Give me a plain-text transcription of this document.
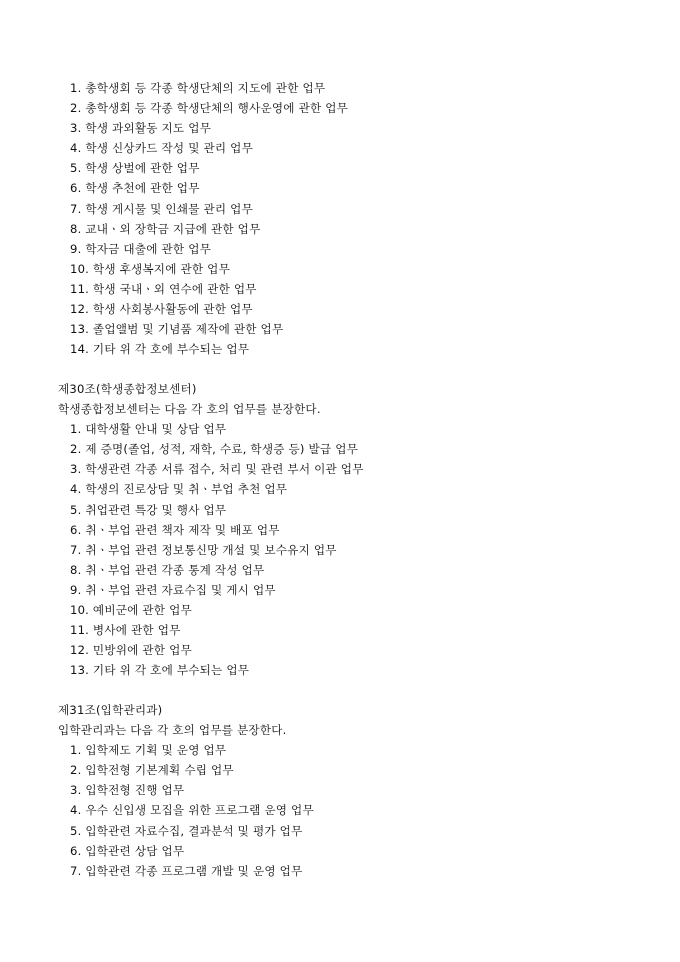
1. 총학생회 등 각종 학생단체의 지도에 관한 업무
2. 총학생회 등 각종 학생단체의 행사운영에 관한 업무
3. 학생 과외활동 지도 업무
4. 학생 신상카드 작성 및 관리 업무
5. 학생 상벌에 관한 업무
6. 학생 추천에 관한 업무
7. 학생 게시물 및 인쇄물 관리 업무
8. 교내ㆍ외 장학금 지급에 관한 업무
9. 학자금 대출에 관한 업무
10. 학생 후생복지에 관한 업무
11. 학생 국내ㆍ외 연수에 관한 업무
12. 학생 사회봉사활동에 관한 업무
13. 졸업앨범 및 기념품 제작에 관한 업무
14. 기타 위 각 호에 부수되는 업무
제30조(학생종합정보센터)
학생종합정보센터는 다음 각 호의 업무를 분장한다.
1. 대학생활 안내 및 상담 업무
2. 제 증명(졸업, 성적, 재학, 수료, 학생증 등) 발급 업무
3. 학생관련 각종 서류 접수, 처리 및 관련 부서 이관 업무
4. 학생의 진로상담 및 취ㆍ부업 추천 업무
5. 취업관련 특강 및 행사 업무
6. 취ㆍ부업 관련 책자 제작 및 배포 업무
7. 취ㆍ부업 관련 정보통신망 개설 및 보수유지 업무
8. 취ㆍ부업 관련 각종 통계 작성 업무
9. 취ㆍ부업 관련 자료수집 및 게시 업무
10. 예비군에 관한 업무
11. 병사에 관한 업무
12. 민방위에 관한 업무
13. 기타 위 각 호에 부수되는 업무
제31조(입학관리과)
입학관리과는 다음 각 호의 업무를 분장한다.
1. 입학제도 기획 및 운영 업무
2. 입학전형 기본계획 수립 업무
3. 입학전형 진행 업무
4. 우수 신입생 모집을 위한 프로그램 운영 업무
5. 입학관련 자료수집, 결과분석 및 평가 업무
6. 입학관련 상담 업무
7. 입학관련 각종 프로그램 개발 및 운영 업무
